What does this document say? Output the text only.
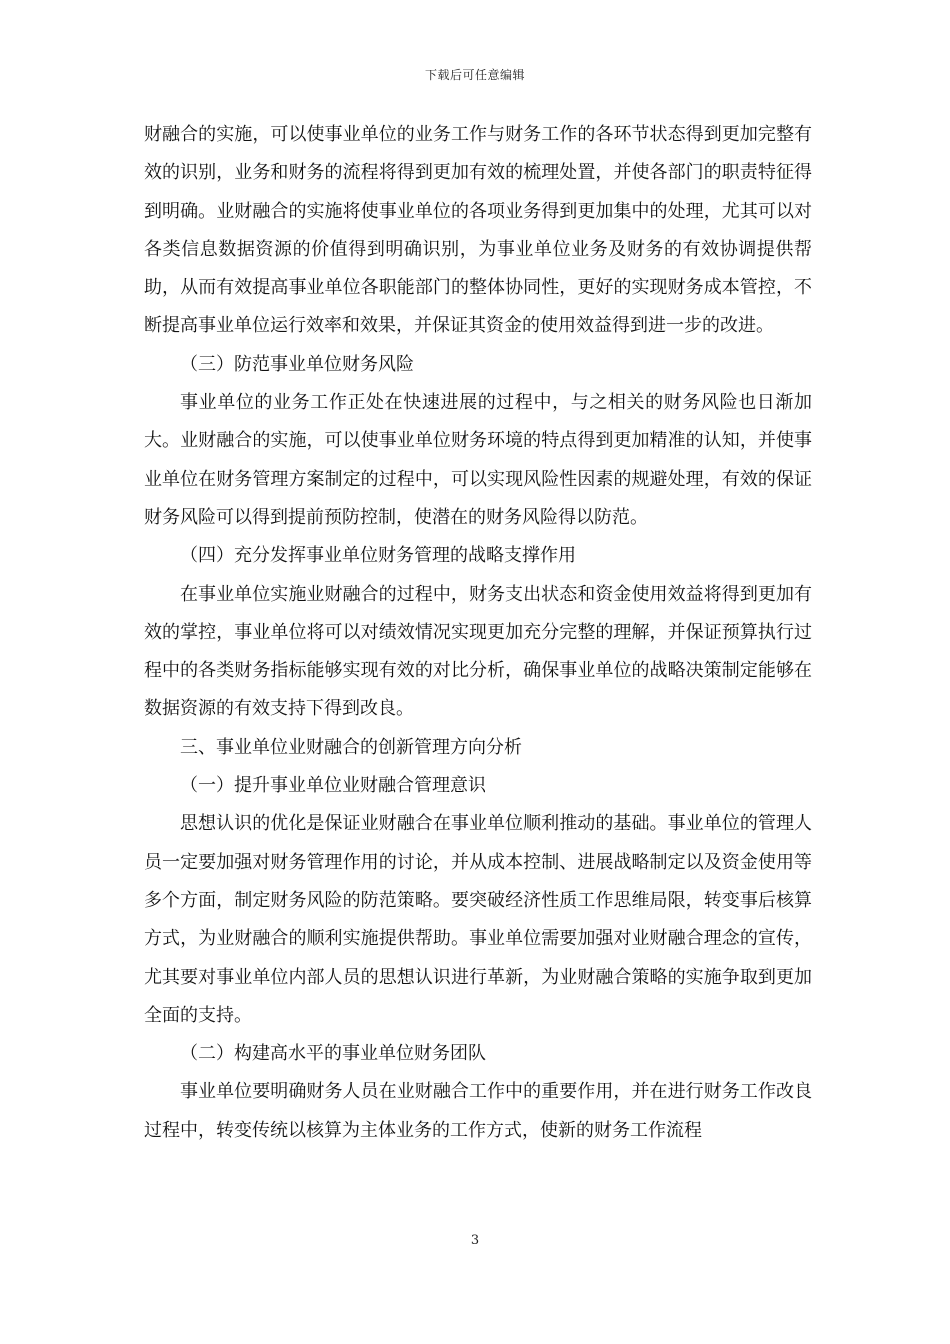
下载后可任意编辑

财融合的实施，可以使事业单位的业务工作与财务工作的各环节状态得到更加完整有效的识别，业务和财务的流程将得到更加有效的梳理处置，并使各部门的职责特征得到明确。业财融合的实施将使事业单位的各项业务得到更加集中的处理，尤其可以对各类信息数据资源的价值得到明确识别，为事业单位业务及财务的有效协调提供帮助，从而有效提高事业单位各职能部门的整体协同性，更好的实现财务成本管控，不断提高事业单位运行效率和效果，并保证其资金的使用效益得到进一步的改进。

（三）防范事业单位财务风险

事业单位的业务工作正处在快速进展的过程中，与之相关的财务风险也日渐加大。业财融合的实施，可以使事业单位财务环境的特点得到更加精准的认知，并使事业单位在财务管理方案制定的过程中，可以实现风险性因素的规避处理，有效的保证财务风险可以得到提前预防控制，使潜在的财务风险得以防范。

（四）充分发挥事业单位财务管理的战略支撑作用

在事业单位实施业财融合的过程中，财务支出状态和资金使用效益将得到更加有效的掌控，事业单位将可以对绩效情况实现更加充分完整的理解，并保证预算执行过程中的各类财务指标能够实现有效的对比分析，确保事业单位的战略决策制定能够在数据资源的有效支持下得到改良。

三、事业单位业财融合的创新管理方向分析

（一）提升事业单位业财融合管理意识

思想认识的优化是保证业财融合在事业单位顺利推动的基础。事业单位的管理人员一定要加强对财务管理作用的讨论，并从成本控制、进展战略制定以及资金使用等多个方面，制定财务风险的防范策略。要突破经济性质工作思维局限，转变事后核算方式，为业财融合的顺利实施提供帮助。事业单位需要加强对业财融合理念的宣传，尤其要对事业单位内部人员的思想认识进行革新，为业财融合策略的实施争取到更加全面的支持。

（二）构建高水平的事业单位财务团队

事业单位要明确财务人员在业财融合工作中的重要作用，并在进行财务工作改良过程中，转变传统以核算为主体业务的工作方式，使新的财务工作流程

3
